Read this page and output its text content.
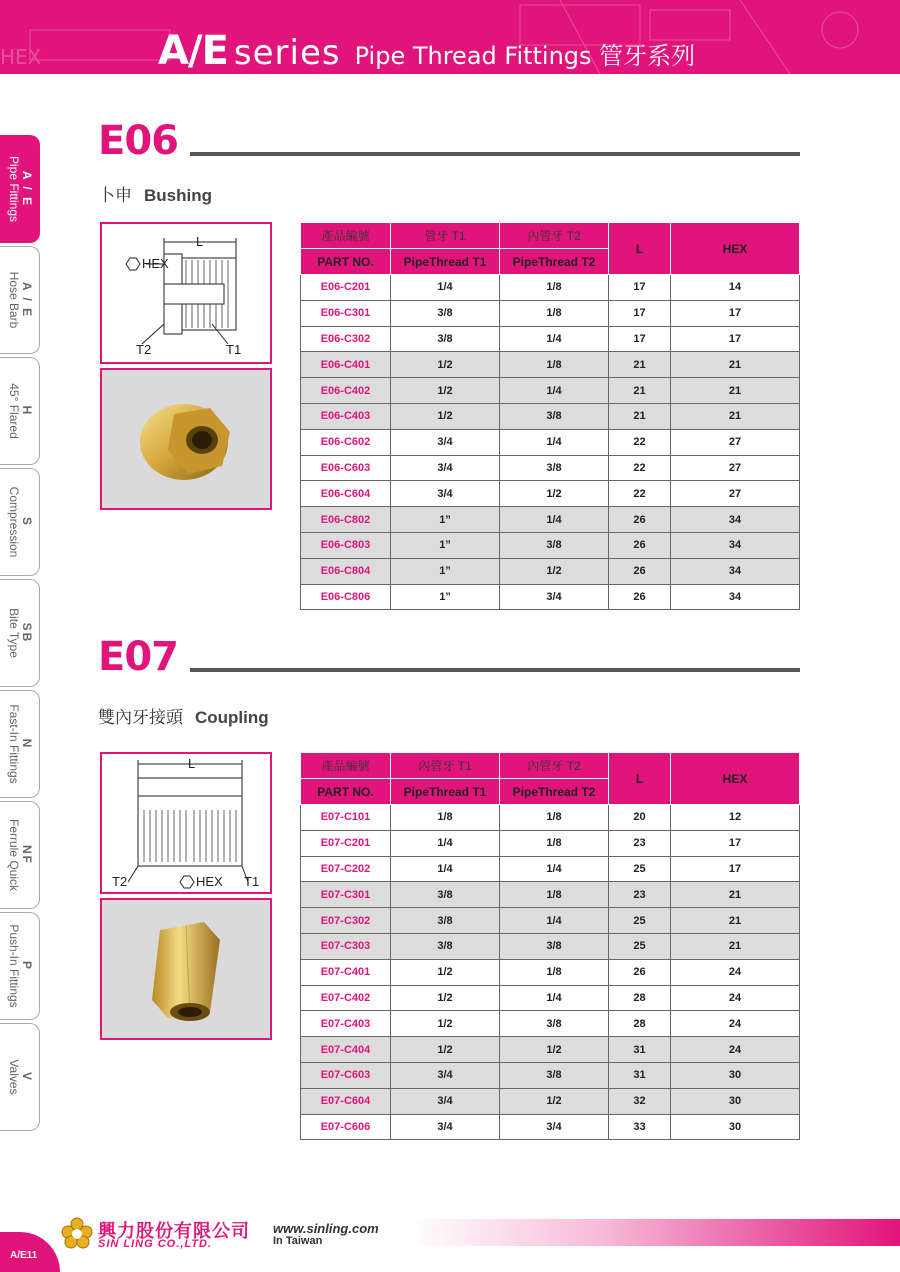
HEX	A/E series Pipe Thread Fittings 管牙系列
A / E
Pipe Fittings
A / E
Hose Barb
H
45° Flared
S
Compression
SB
Bite Type
N
Fast-In Fittings
NF
Ferrule Quick
P
Push-In Fittings
V
Valves
E06
卜申 Bushing
HEX
L
T2	T1
產品編號	管牙 T1	內管牙 T2	L	HEX
PART NO.	PipeThread T1	PipeThread T2		
E06-C201	1/4	1/8	17	14
E06-C301	3/8	1/8	17	17
E06-C302	3/8	1/4	17	17
E06-C401	1/2	1/8	21	21
E06-C402	1/2	1/4	21	21
E06-C403	1/2	3/8	21	21
E06-C602	3/4	1/4	22	27
E06-C603	3/4	3/8	22	27
E06-C604	3/4	1/2	22	27
E06-C802	1”	1/4	26	34
E06-C803	1”	3/8	26	34
E06-C804	1”	1/2	26	34
E06-C806	1”	3/4	26	34
E07
雙內牙接頭 Coupling
L
T2	HEX T1
產品編號	內管牙 T1	內管牙 T2	L	HEX
PART NO.	PipeThread T1	PipeThread T2		
E07-C101	1/8	1/8	20	12
E07-C201	1/4	1/8	23	17
E07-C202	1/4	1/4	25	17
E07-C301	3/8	1/8	23	21
E07-C302	3/8	1/4	25	21
E07-C303	3/8	3/8	25	21
E07-C401	1/2	1/8	26	24
E07-C402	1/2	1/4	28	24
E07-C403	1/2	3/8	28	24
E07-C404	1/2	1/2	31	24
E07-C603	3/4	3/8	31	30
E07-C604	3/4	1/2	32	30
E07-C606	3/4	3/4	33	30
A/E11
興力股份有限公司
SIN LING CO.,LTD.
www.sinling.com
In Taiwan
